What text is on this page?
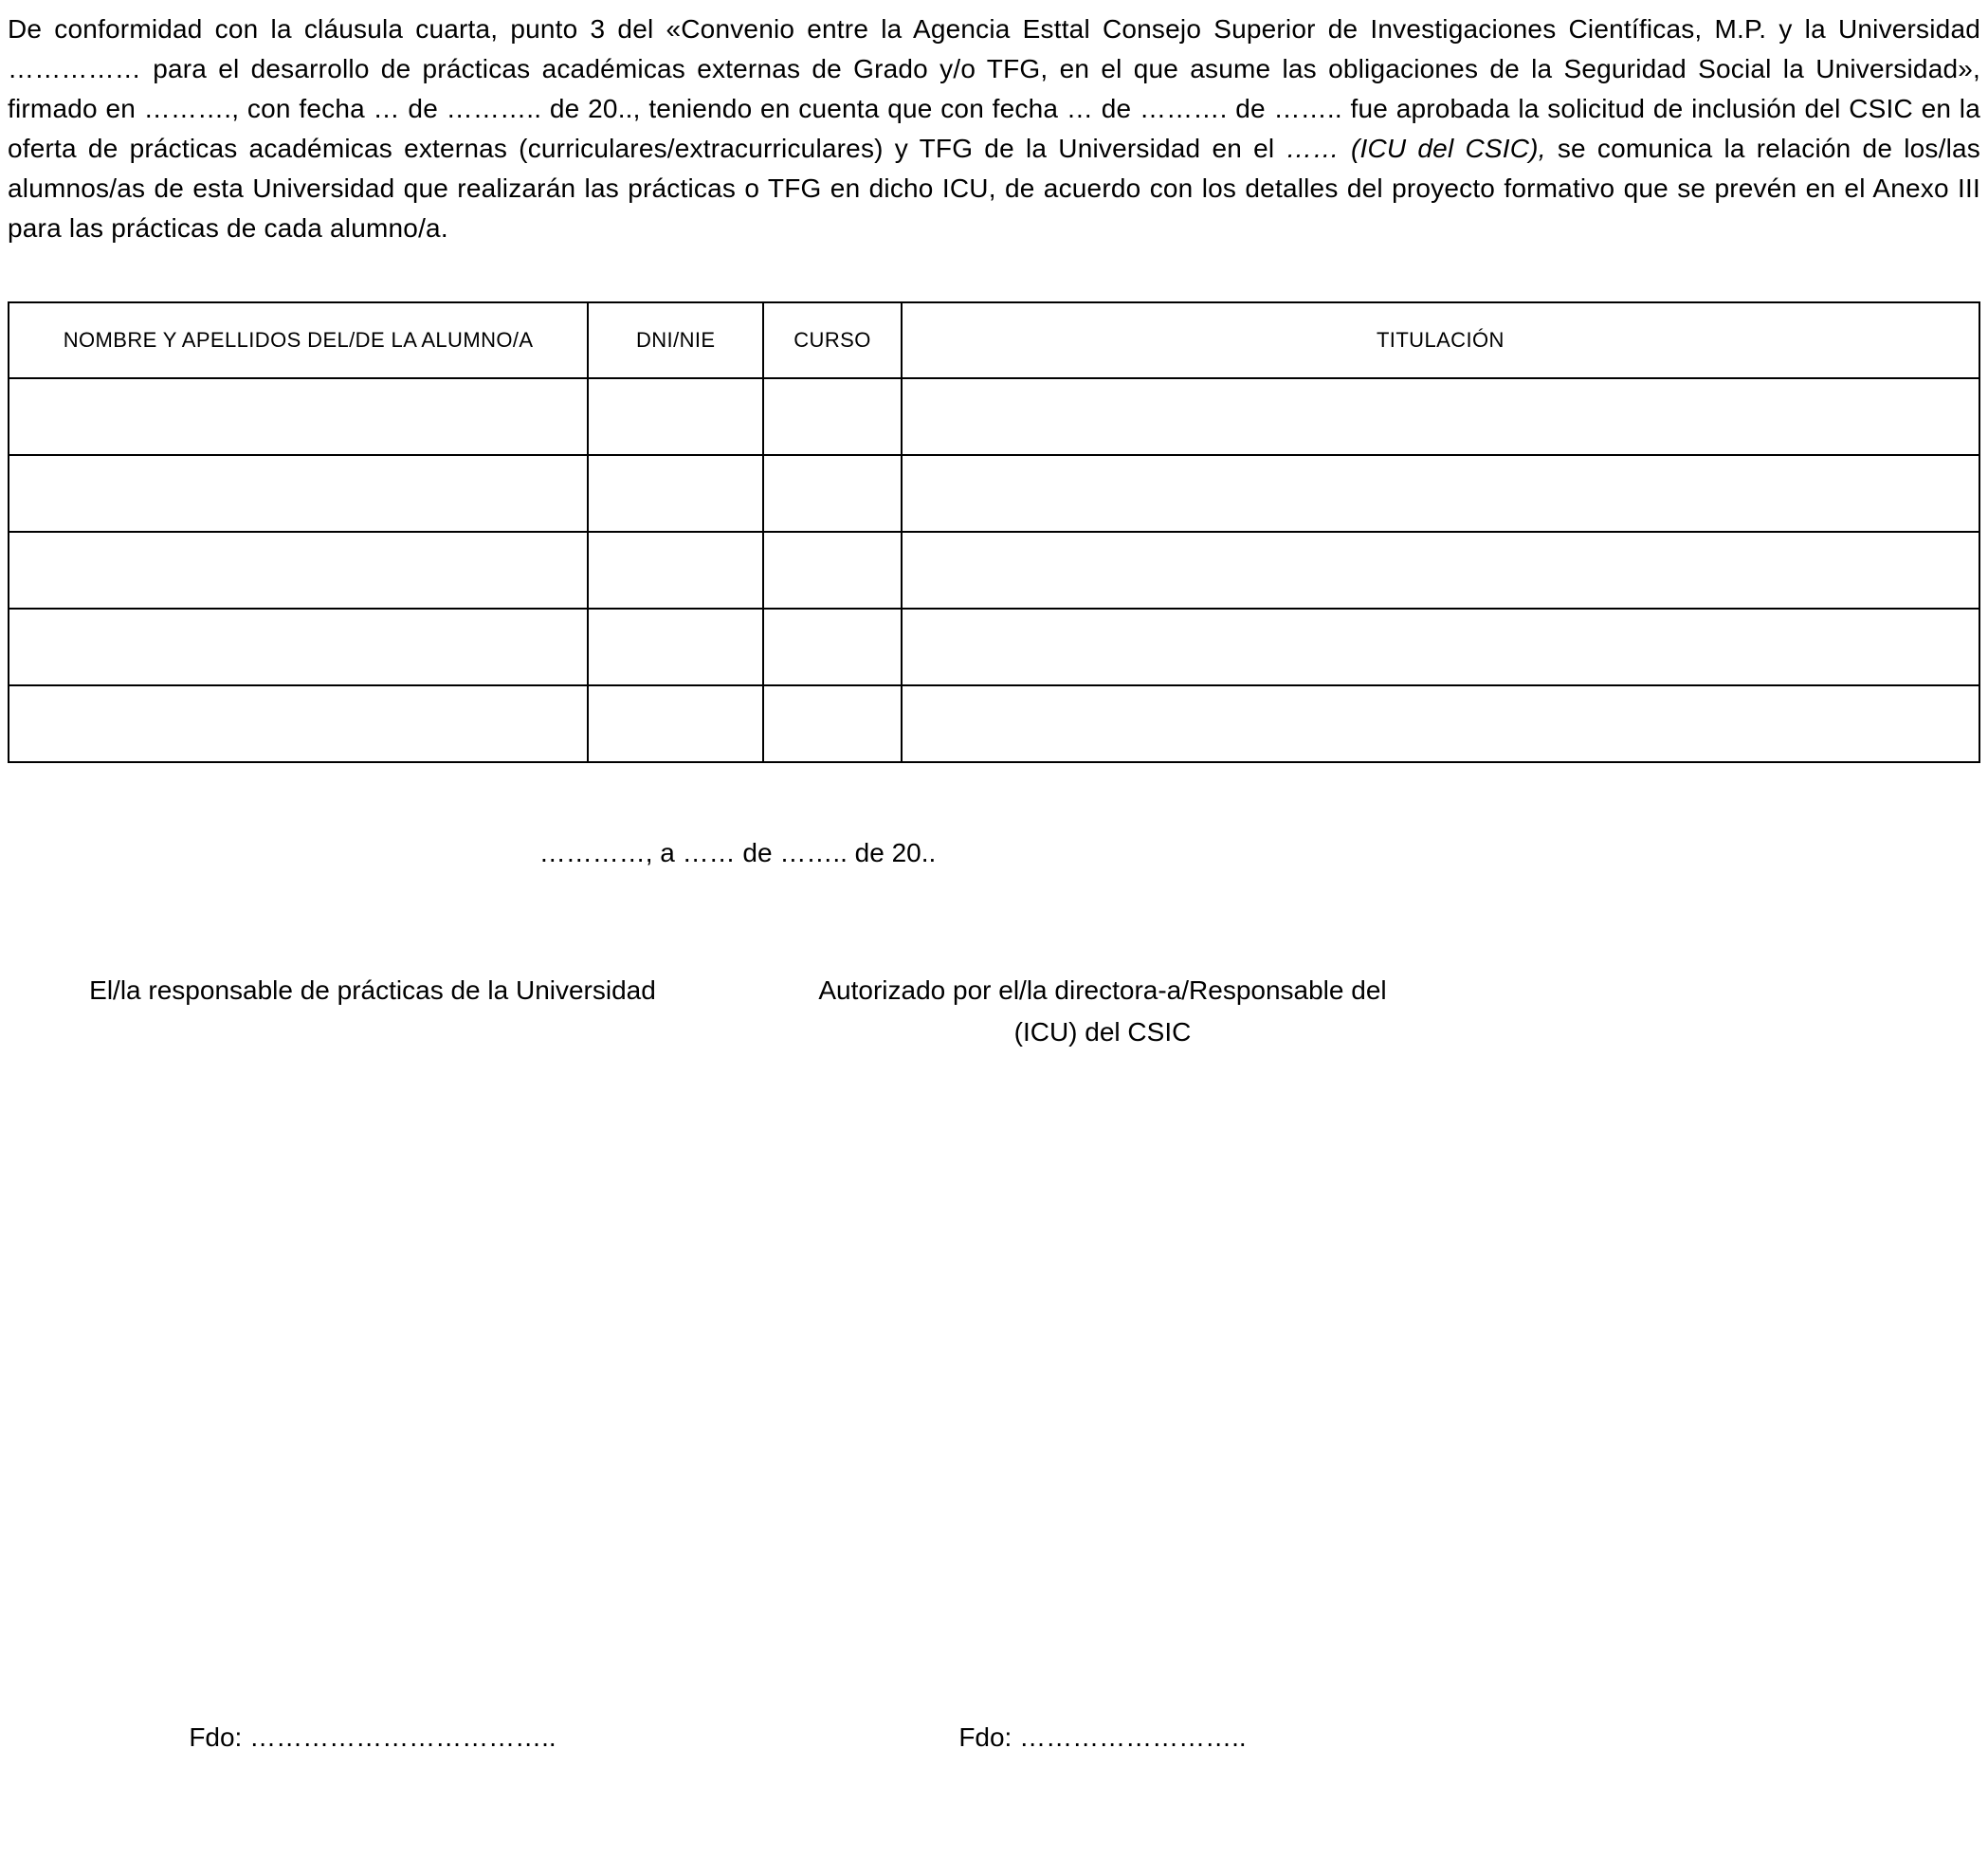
De conformidad con la cláusula cuarta, punto 3 del «Convenio entre la Agencia Esttal Consejo Superior de Investigaciones Científicas, M.P. y la Universidad …………… para el desarrollo de prácticas académicas externas de Grado y/o TFG, en el que asume las obligaciones de la Seguridad Social la Universidad», firmado en ………., con fecha … de ……….. de 20.., teniendo en cuenta que con fecha … de ………. de …….. fue aprobada la solicitud de inclusión del CSIC en la oferta de prácticas académicas externas (curriculares/extracurriculares) y TFG de la Universidad en el …… (ICU del CSIC), se comunica la relación de los/las alumnos/as de esta Universidad que realizarán las prácticas o TFG en dicho ICU, de acuerdo con los detalles del proyecto formativo que se prevén en el Anexo III para las prácticas de cada alumno/a.

NOMBRE Y APELLIDOS DEL/DE LA ALUMNO/A	DNI/NIE	CURSO	TITULACIÓN

…………, a …… de …….. de 20..

El/la responsable de prácticas de la Universidad	Autorizado por el/la directora-a/Responsable del
(ICU) del CSIC
Fdo: ……………………………..	Fdo: ……………………..
